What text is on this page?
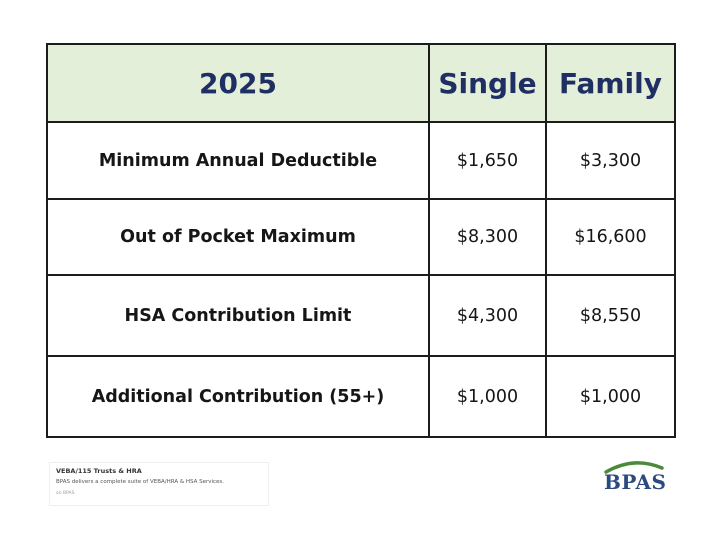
2025	Single	Family
Minimum Annual Deductible	$1,650	$3,300
Out of Pocket Maximum	$8,300	$16,600
HSA Contribution Limit	$4,300	$8,550
Additional Contribution (55+)	$1,000	$1,000
VEBA/115 Trusts & HRA
BPAS delivers a complete suite of VEBA/HRA & HSA Services.
on BPAS	BPAS
